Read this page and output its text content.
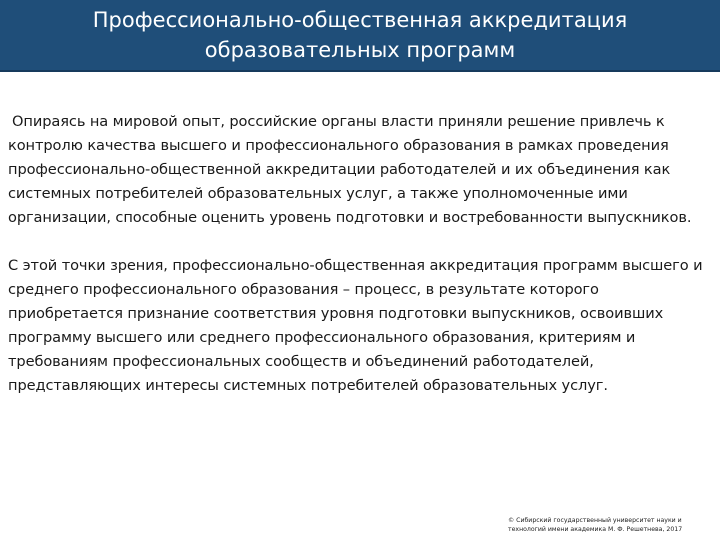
Профессионально-общественная аккредитация
образовательных программ

Опираясь на мировой опыт, российские органы власти приняли решение привлечь к контролю качества высшего и профессионального образования в рамках проведения профессионально-общественной аккредитации работодателей и их объединения как системных потребителей образовательных услуг, а также уполномоченные ими организации, способные оценить уровень подготовки и востребованности выпускников.

С этой точки зрения, профессионально-общественная аккредитация программ высшего и среднего профессионального образования – процесс, в результате которого приобретается признание соответствия уровня подготовки выпускников, освоивших программу высшего или среднего профессионального образования, критериям и требованиям профессиональных сообществ и объединений работодателей, представляющих интересы системных потребителей образовательных услуг.

© Сибирский государственный университет науки и
технологий имени академика М. Ф. Решетнева, 2017
